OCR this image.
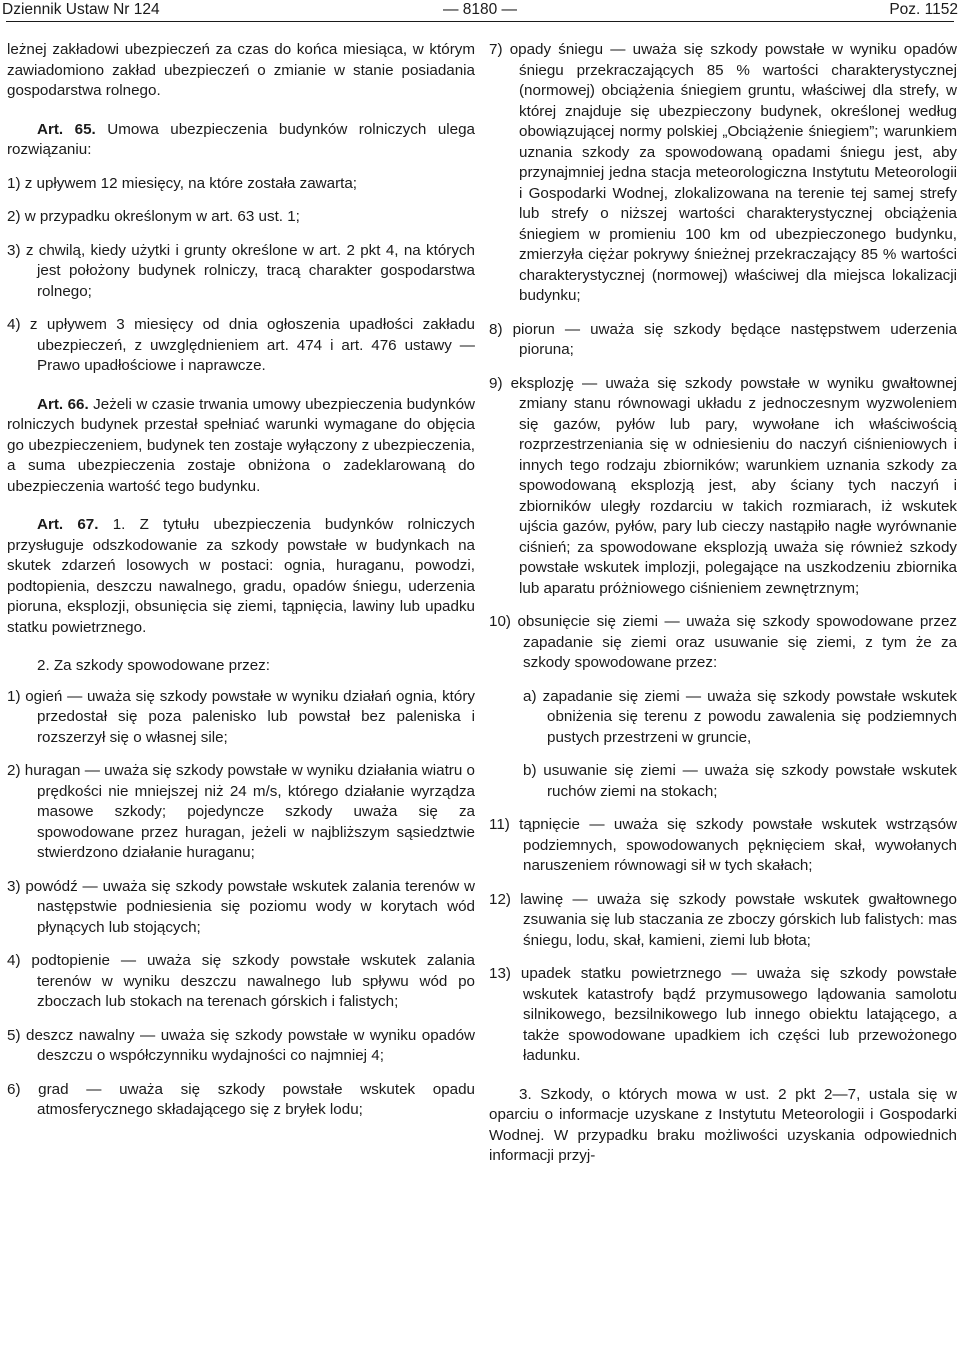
Dziennik Ustaw Nr 124	— 8180 —	Poz. 1152

leżnej zakładowi ubezpieczeń za czas do końca miesiąca, w którym zawiadomiono zakład ubezpieczeń o zmianie w stanie posiadania gospodarstwa rolnego.

Art. 65. Umowa ubezpieczenia budynków rolniczych ulega rozwiązaniu:

1) z upływem 12 miesięcy, na które została zawarta;

2) w przypadku określonym w art. 63 ust. 1;

3) z chwilą, kiedy użytki i grunty określone w art. 2 pkt 4, na których jest położony budynek rolniczy, tracą charakter gospodarstwa rolnego;

4) z upływem 3 miesięcy od dnia ogłoszenia upadłości zakładu ubezpieczeń, z uwzględnieniem art. 474 i art. 476 ustawy — Prawo upadłościowe i naprawcze.

Art. 66. Jeżeli w czasie trwania umowy ubezpieczenia budynków rolniczych budynek przestał spełniać warunki wymagane do objęcia go ubezpieczeniem, budynek ten zostaje wyłączony z ubezpieczenia, a suma ubezpieczenia zostaje obniżona o zadeklarowaną do ubezpieczenia wartość tego budynku.

Art. 67. 1. Z tytułu ubezpieczenia budynków rolniczych przysługuje odszkodowanie za szkody powstałe w budynkach na skutek zdarzeń losowych w postaci: ognia, huraganu, powodzi, podtopienia, deszczu nawalnego, gradu, opadów śniegu, uderzenia pioruna, eksplozji, obsunięcia się ziemi, tąpnięcia, lawiny lub upadku statku powietrznego.

2. Za szkody spowodowane przez:

1) ogień — uważa się szkody powstałe w wyniku działań ognia, który przedostał się poza palenisko lub powstał bez paleniska i rozszerzył się o własnej sile;

2) huragan — uważa się szkody powstałe w wyniku działania wiatru o prędkości nie mniejszej niż 24 m/s, którego działanie wyrządza masowe szkody; pojedyncze szkody uważa się za spowodowane przez huragan, jeżeli w najbliższym sąsiedztwie stwierdzono działanie huraganu;

3) powódź — uważa się szkody powstałe wskutek zalania terenów w następstwie podniesienia się poziomu wody w korytach wód płynących lub stojących;

4) podtopienie — uważa się szkody powstałe wskutek zalania terenów w wyniku deszczu nawalnego lub spływu wód po zboczach lub stokach na terenach górskich i falistych;

5) deszcz nawalny — uważa się szkody powstałe w wyniku opadów deszczu o współczynniku wydajności co najmniej 4;

6) grad — uważa się szkody powstałe wskutek opadu atmosferycznego składającego się z bryłek lodu;

7) opady śniegu — uważa się szkody powstałe w wyniku opadów śniegu przekraczających 85 % wartości charakterystycznej (normowej) obciążenia śniegiem gruntu, właściwej dla strefy, w której znajduje się ubezpieczony budynek, określonej według obowiązującej normy polskiej „Obciążenie śniegiem”; warunkiem uznania szkody za spowodowaną opadami śniegu jest, aby przynajmniej jedna stacja meteorologiczna Instytutu Meteorologii i Gospodarki Wodnej, zlokalizowana na terenie tej samej strefy lub strefy o niższej wartości charakterystycznej obciążenia śniegiem w promieniu 100 km od ubezpieczonego budynku, zmierzyła ciężar pokrywy śnieżnej przekraczający 85 % wartości charakterystycznej (normowej) właściwej dla miejsca lokalizacji budynku;

8) piorun — uważa się szkody będące następstwem uderzenia pioruna;

9) eksplozję — uważa się szkody powstałe w wyniku gwałtownej zmiany stanu równowagi układu z jednoczesnym wyzwoleniem się gazów, pyłów lub pary, wywołane ich właściwością rozprzestrzeniania się w odniesieniu do naczyń ciśnieniowych i innych tego rodzaju zbiorników; warunkiem uznania szkody za spowodowaną eksplozją jest, aby ściany tych naczyń i zbiorników uległy rozdarciu w takich rozmiarach, iż wskutek ujścia gazów, pyłów, pary lub cieczy nastąpiło nagłe wyrównanie ciśnień; za spowodowane eksplozją uważa się również szkody powstałe wskutek implozji, polegające na uszkodzeniu zbiornika lub aparatu próżniowego ciśnieniem zewnętrznym;

10) obsunięcie się ziemi — uważa się szkody spowodowane przez zapadanie się ziemi oraz usuwanie się ziemi, z tym że za szkody spowodowane przez:

a) zapadanie się ziemi — uważa się szkody powstałe wskutek obniżenia się terenu z powodu zawalenia się podziemnych pustych przestrzeni w gruncie,

b) usuwanie się ziemi — uważa się szkody powstałe wskutek ruchów ziemi na stokach;

11) tąpnięcie — uważa się szkody powstałe wskutek wstrząsów podziemnych, spowodowanych pęknięciem skał, wywołanych naruszeniem równowagi sił w tych skałach;

12) lawinę — uważa się szkody powstałe wskutek gwałtownego zsuwania się lub staczania ze zboczy górskich lub falistych: mas śniegu, lodu, skał, kamieni, ziemi lub błota;

13) upadek statku powietrznego — uważa się szkody powstałe wskutek katastrofy bądź przymusowego lądowania samolotu silnikowego, bezsilnikowego lub innego obiektu latającego, a także spowodowane upadkiem ich części lub przewożonego ładunku.

3. Szkody, o których mowa w ust. 2 pkt 2—7, ustala się w oparciu o informacje uzyskane z Instytutu Meteorologii i Gospodarki Wodnej. W przypadku braku możliwości uzyskania odpowiednich informacji przyj-
